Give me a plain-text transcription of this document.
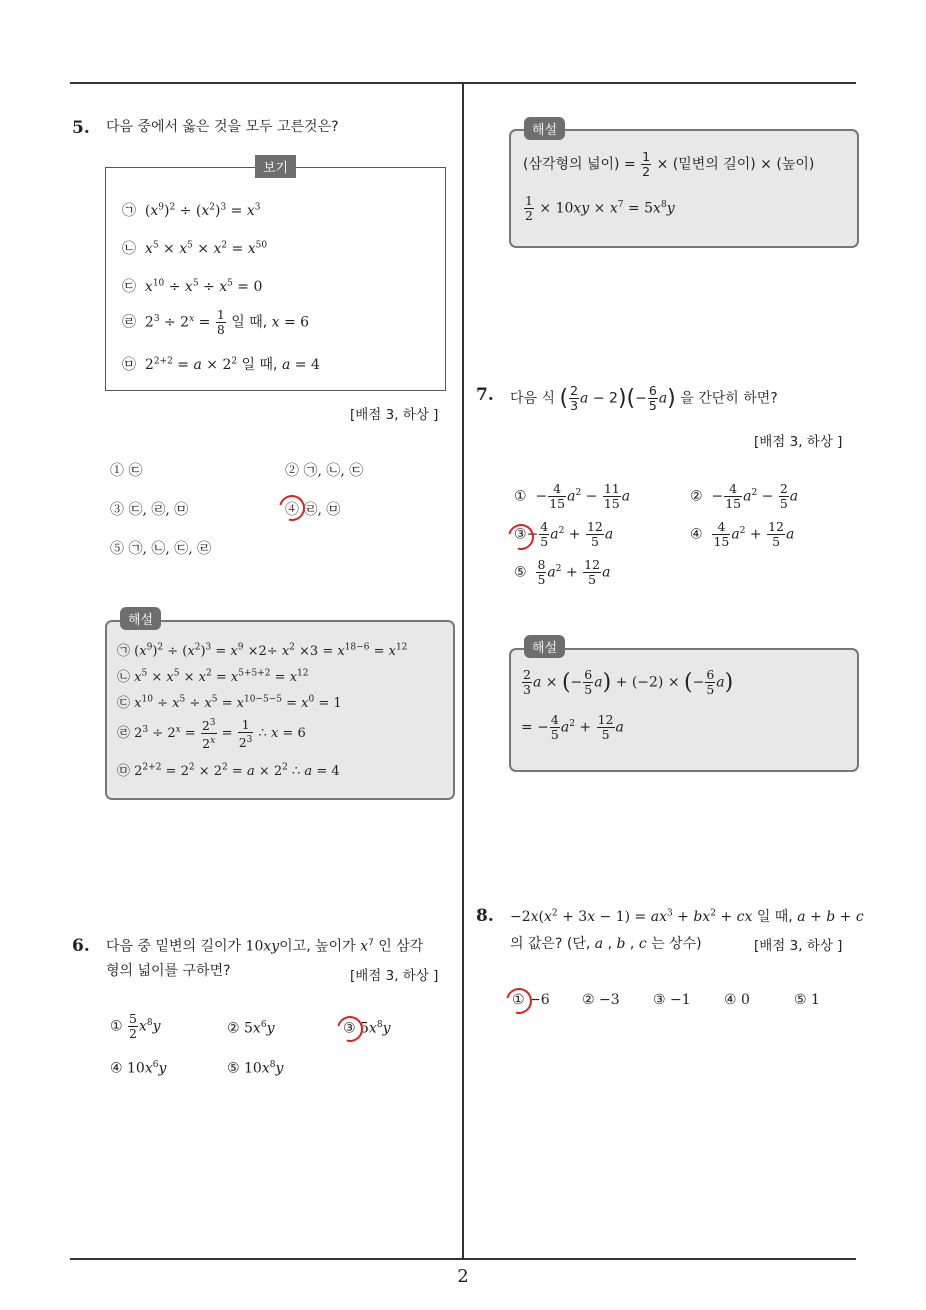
2
5. 다음 중에서 옳은 것을 모두 고른것은?
보기
㉠ $(x^9)^2 \div (x^2)^3 = x^3$
㉡ $x^5 \times x^5 \times x^2 = x^{50}$
㉢ $x^{10} \div x^5 \div x^5 = 0$
㉣  $2^3 \div 2^x = \frac{1}{8}$ 일 때, x = 6
㉤  $2^{2+2} = a \times 2^2$ 일 때, a = 4
[배점 3, 하상 ]
① ㉢	② ㉠, ㉡, ㉢
③ ㉢, ㉣, ㉤	④ ㉣, ㉤
⑤ ㉠, ㉡, ㉢, ㉣
해설
㉠ $(x^9)^2 \div (x^2)^3 = x^9 \times 2\div x^2 \times 3 = x^{18-6} = x^{12}$
㉡ $x^5 \times x^5 \times x^2 = x^{5+5+2} = x^{12}$
㉢ $x^{10} \div x^5 \div x^5 = x^{10-5-5} = x^0 = 1$
㉣ $2^3 \div 2^x = \frac{2^3}{2^x} = \frac{1}{2^3}$ ∴ x = 6
㉤ $2^{2+2} = 2^2 \times 2^2 = a \times 2^2$ ∴ a = 4
6. 다음 중 밑변의 길이가 10xy이고, 높이가 $x^7$ 인 삼각
형의 넓이를 구하면?	[배점 3, 하상 ]
① $\frac{5}{2} x^8y$	② $5x^6y$	③ $5x^8y$
④ $10x^6y$	⑤ $10x^8y$
해설
(삼각형의 넓이) = $\frac{1}{2}$ × (밑변의 길이) × (높이)
$\frac{1}{2} \times 10xy \times x^7 = 5x^8y$
7. 다음 식 ( $\frac{2}{3}$ $a - 2)(- \frac{6}{5} a)$ 을 간단히 하면?
[배점 3, 하상 ]
①  − $\frac{4}{15} a^2 - \frac{11}{15}$ a	②  − $\frac{4}{15} a^2 - \frac{2}{5}$ a
③− $\frac{4}{5} a^2 + \frac{12}{5}$ a	④ $\frac{4}{15} a^2 + \frac{12}{5}$ a
⑤ $\frac{8}{5} a^2 + \frac{12}{5}$ a
해설
$\frac{2}{3}$ a × (− $\frac{6}{5} a) + (-2)$ × (− $\frac{6}{5} a$)
= − $\frac{4}{5} a^2 + \frac{12}{5}$ a
8. $-2x(x^2 + 3x - 1) = ax^3 + bx^2$ + cx 일 때, a + b + c
의 값은? (단, a , b , c 는 상수)	[배점 3, 하상 ]
① −6 ② −3 ③ −1 ④ 0	⑤ 1
